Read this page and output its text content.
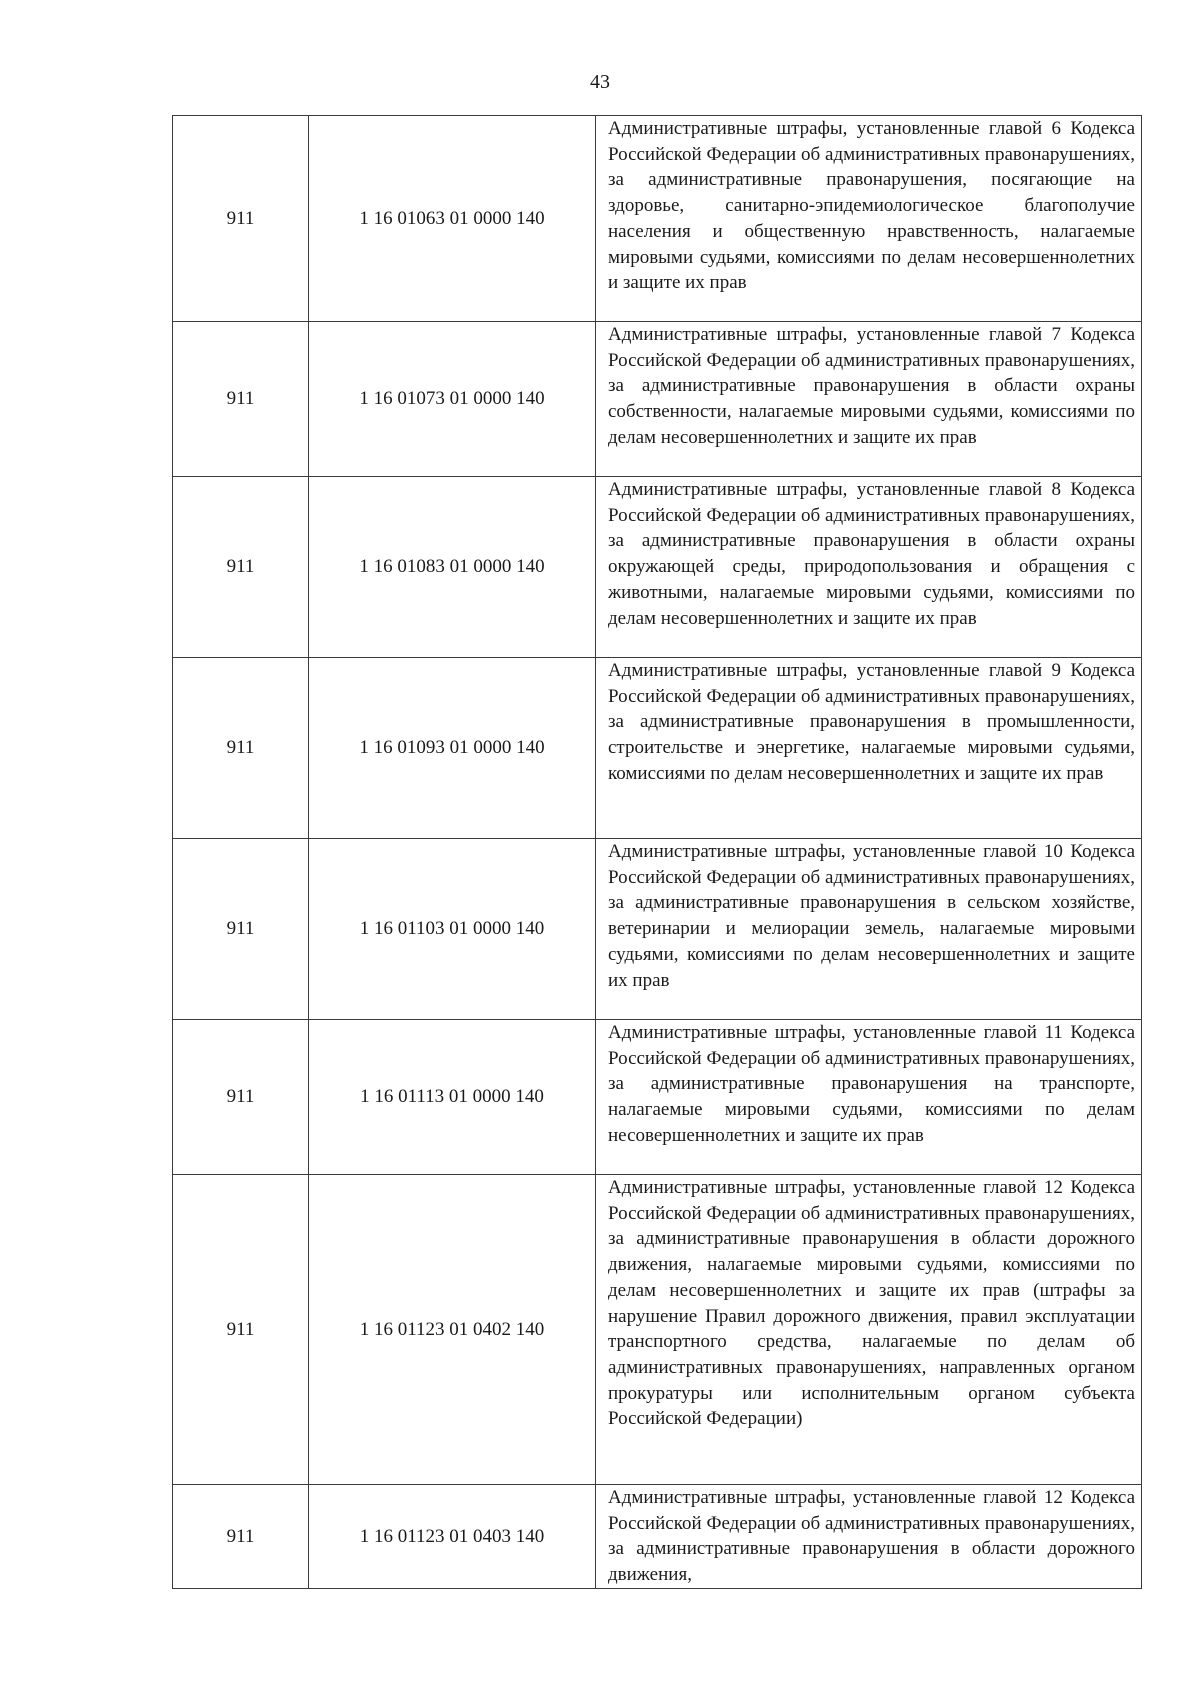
43
911	1 16 01063 01 0000 140	Административные штрафы, установленные главой 6 Кодекса Российской Федерации об административных правонарушениях, за административные правонарушения, посягающие на здоровье, санитарно-эпидемиологическое благополучие населения и общественную нравственность, налагаемые мировыми судьями, комиссиями по делам несовершеннолетних и защите их прав
911	1 16 01073 01 0000 140	Административные штрафы, установленные главой 7 Кодекса Российской Федерации об административных правонарушениях, за административные правонарушения в области охраны собственности, налагаемые мировыми судьями, комиссиями по делам несовершеннолетних и защите их прав
911	1 16 01083 01 0000 140	Административные штрафы, установленные главой 8 Кодекса Российской Федерации об административных правонарушениях, за административные правонарушения в области охраны окружающей среды, природопользования и обращения с животными, налагаемые мировыми судьями, комиссиями по делам несовершеннолетних и защите их прав
911	1 16 01093 01 0000 140	Административные штрафы, установленные главой 9 Кодекса Российской Федерации об административных правонарушениях, за административные правонарушения в промышленности, строительстве и энергетике, налагаемые мировыми судьями, комиссиями по делам несовершеннолетних и защите их прав
911	1 16 01103 01 0000 140	Административные штрафы, установленные главой 10 Кодекса Российской Федерации об административных правонарушениях, за административные правонарушения в сельском хозяйстве, ветеринарии и мелиорации земель, налагаемые мировыми судьями, комиссиями по делам несовершеннолетних и защите их прав
911	1 16 01113 01 0000 140	Административные штрафы, установленные главой 11 Кодекса Российской Федерации об административных правонарушениях, за административные правонарушения на транспорте, налагаемые мировыми судьями, комиссиями по делам несовершеннолетних и защите их прав
911	1 16 01123 01 0402 140	Административные штрафы, установленные главой 12 Кодекса Российской Федерации об административных правонарушениях, за административные правонарушения в области дорожного движения, налагаемые мировыми судьями, комиссиями по делам несовершеннолетних и защите их прав (штрафы за нарушение Правил дорожного движения, правил эксплуатации транспортного средства, налагаемые по делам об административных правонарушениях, направленных органом прокуратуры или исполнительным органом субъекта Российской Федерации)
911	1 16 01123 01 0403 140	Административные штрафы, установленные главой 12 Кодекса Российской Федерации об административных правонарушениях, за административные правонарушения в области дорожного движения,
